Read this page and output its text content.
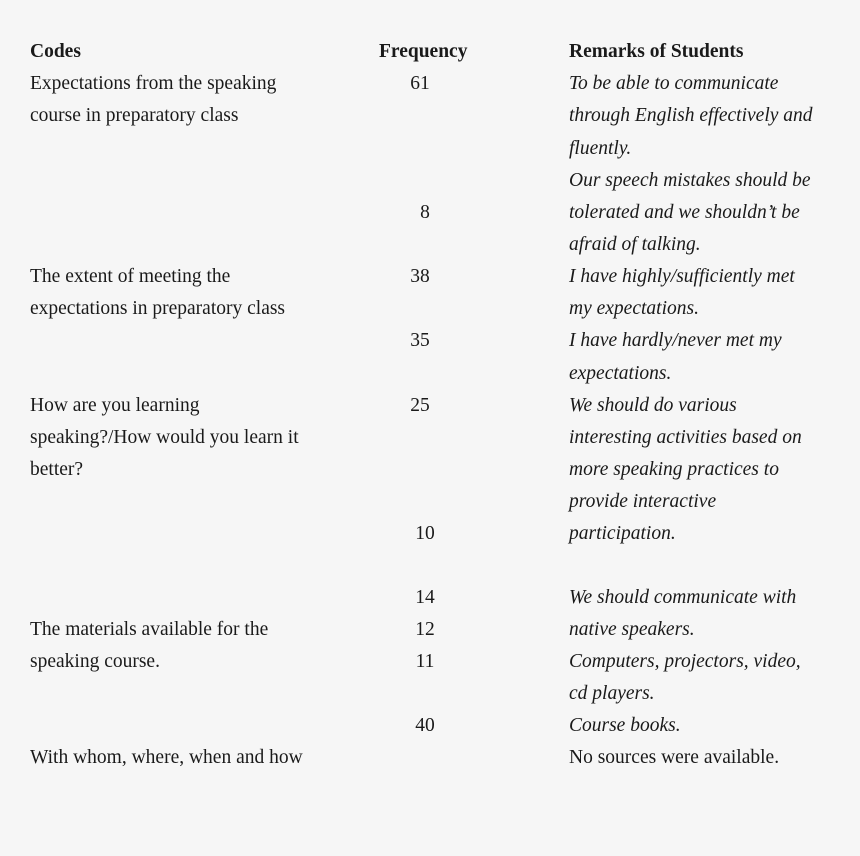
Codes	Frequency	Remarks of Students
Expectations from the speaking
course in preparatory class
The extent of meeting the
expectations in preparatory class
How are you learning
speaking?/How would you learn it
better?
The materials available for the
speaking course.
With whom, where, when and how
61
8
38
35
25
10
14
12
11
40
To be able to communicate
through English effectively and
fluently.
Our speech mistakes should be
tolerated and we shouldn’t be
afraid of talking.
I have highly/sufficiently met
my expectations.
I have hardly/never met my
expectations.
We should do various
interesting activities based on
more speaking practices to
provide interactive
participation.
We should communicate with
native speakers.
Computers, projectors, video,
cd players.
Course books.
No sources were available.
